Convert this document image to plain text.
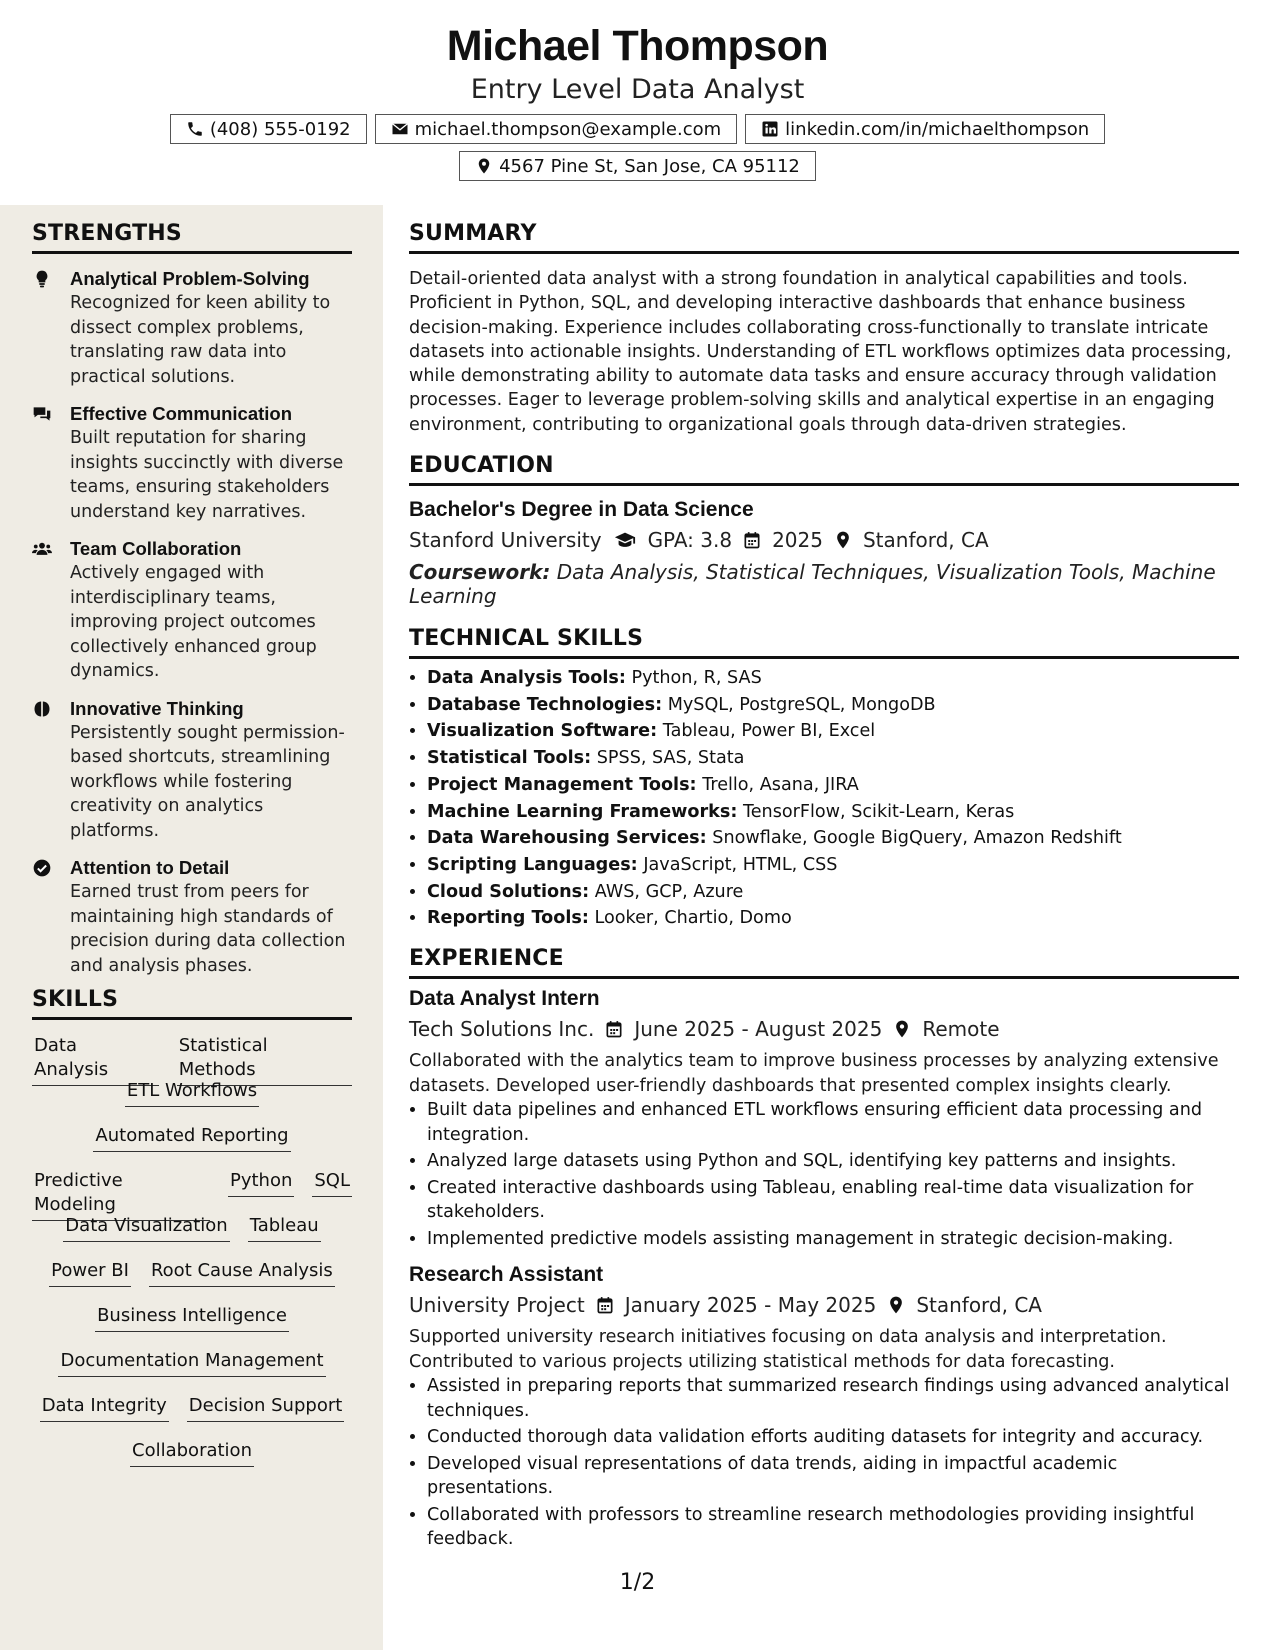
Michael Thompson
Entry Level Data Analyst
(408) 555-0192	michael.thompson@example.com	linkedin.com/in/michaelthompson
4567 Pine St, San Jose, CA 95112
STRENGTHS
Analytical Problem-Solving
Recognized for keen ability to dissect complex problems, translating raw data into practical solutions.
Effective Communication
Built reputation for sharing insights succinctly with diverse teams, ensuring stakeholders understand key narratives.
Team Collaboration
Actively engaged with interdisciplinary teams, improving project outcomes collectively enhanced group dynamics.
Innovative Thinking
Persistently sought permission-based shortcuts, streamlining workflows while fostering creativity on analytics platforms.
Attention to Detail
Earned trust from peers for maintaining high standards of precision during data collection and analysis phases.
SKILLS
Data Analysis
Statistical Methods
ETL Workflows
Automated Reporting
Predictive Modeling
Python SQL
Data Visualization Tableau
Power BI Root Cause Analysis
Business Intelligence
Documentation Management
Data Integrity Decision Support
Collaboration
SUMMARY

Detail-oriented data analyst with a strong foundation in analytical capabilities and tools. Proficient in Python, SQL, and developing interactive dashboards that enhance business decision-making. Experience includes collaborating cross-functionally to translate intricate datasets into actionable insights. Understanding of ETL workflows optimizes data processing, while demonstrating ability to automate data tasks and ensure accuracy through validation processes. Eager to leverage problem-solving skills and analytical expertise in an engaging environment, contributing to organizational goals through data-driven strategies.

EDUCATION
Bachelor's Degree in Data Science
Stanford University GPA: 3.8 2025 Stanford, CA
Coursework: Data Analysis, Statistical Techniques, Visualization Tools, Machine Learning
TECHNICAL SKILLS
• Data Analysis Tools: Python, R, SAS
• Database Technologies: MySQL, PostgreSQL, MongoDB
• Visualization Software: Tableau, Power BI, Excel
• Statistical Tools: SPSS, SAS, Stata
• Project Management Tools: Trello, Asana, JIRA
• Machine Learning Frameworks: TensorFlow, Scikit-Learn, Keras
• Data Warehousing Services: Snowflake, Google BigQuery, Amazon Redshift
• Scripting Languages: JavaScript, HTML, CSS
• Cloud Solutions: AWS, GCP, Azure
• Reporting Tools: Looker, Chartio, Domo
EXPERIENCE
Data Analyst Intern
Tech Solutions Inc. June 2025 - August 2025 Remote
Collaborated with the analytics team to improve business processes by analyzing extensive datasets. Developed user-friendly dashboards that presented complex insights clearly.
• Built data pipelines and enhanced ETL workflows ensuring efficient data processing and integration.
• Analyzed large datasets using Python and SQL, identifying key patterns and insights.
• Created interactive dashboards using Tableau, enabling real-time data visualization for stakeholders.
• Implemented predictive models assisting management in strategic decision-making.
Research Assistant
University Project January 2025 - May 2025 Stanford, CA
Supported university research initiatives focusing on data analysis and interpretation. Contributed to various projects utilizing statistical methods for data forecasting.
• Assisted in preparing reports that summarized research findings using advanced analytical techniques.
• Conducted thorough data validation efforts auditing datasets for integrity and accuracy.
• Developed visual representations of data trends, aiding in impactful academic presentations.
• Collaborated with professors to streamline research methodologies providing insightful feedback.
1/2
